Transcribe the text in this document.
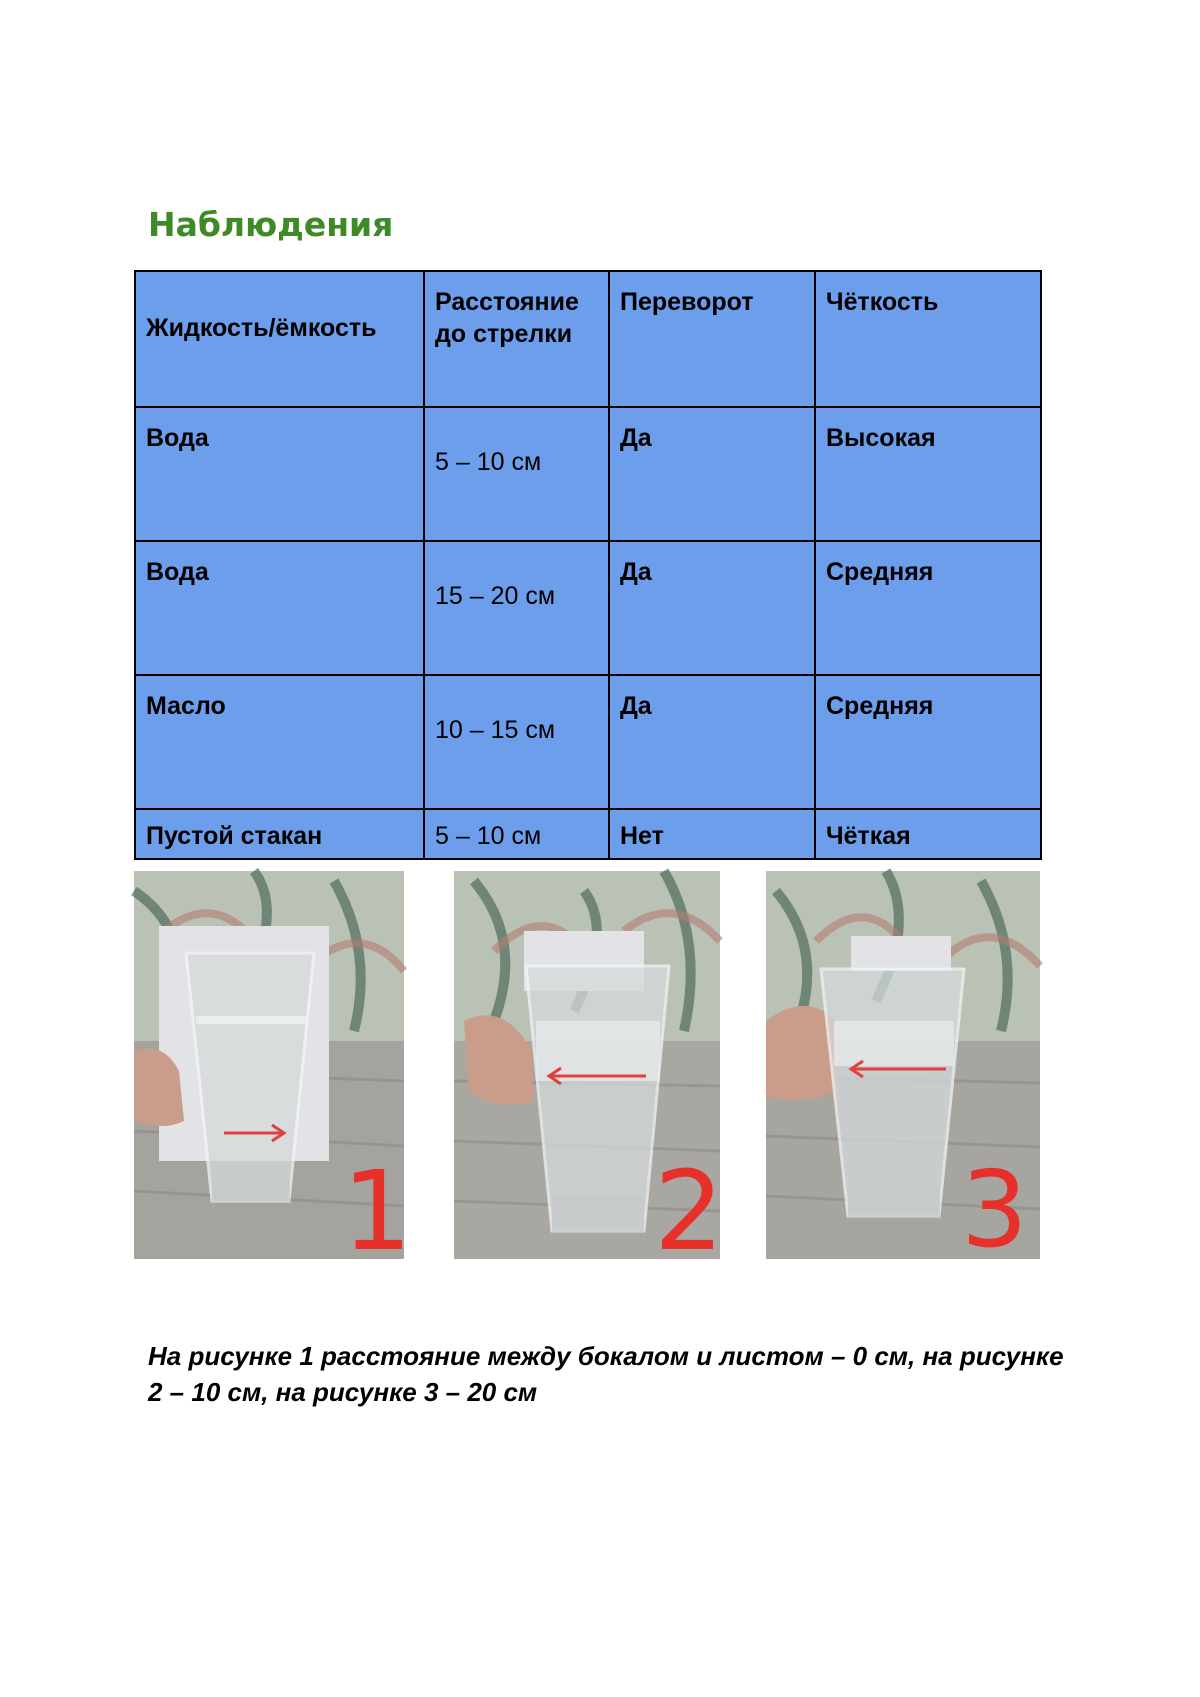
Наблюдения
Жидкость/ёмкость	Расстояние до стрелки	Переворот	Чёткость
Вода	5 – 10 см	Да	Высокая
Вода	15 – 20 см	Да	Средняя
Масло	10 – 15 см	Да	Средняя
Пустой стакан	5 – 10 см	Нет	Чёткая
1 2 3

На рисунке 1 расстояние между бокалом и листом – 0 см, на рисунке 2 – 10 см, на рисунке 3 – 20 см
